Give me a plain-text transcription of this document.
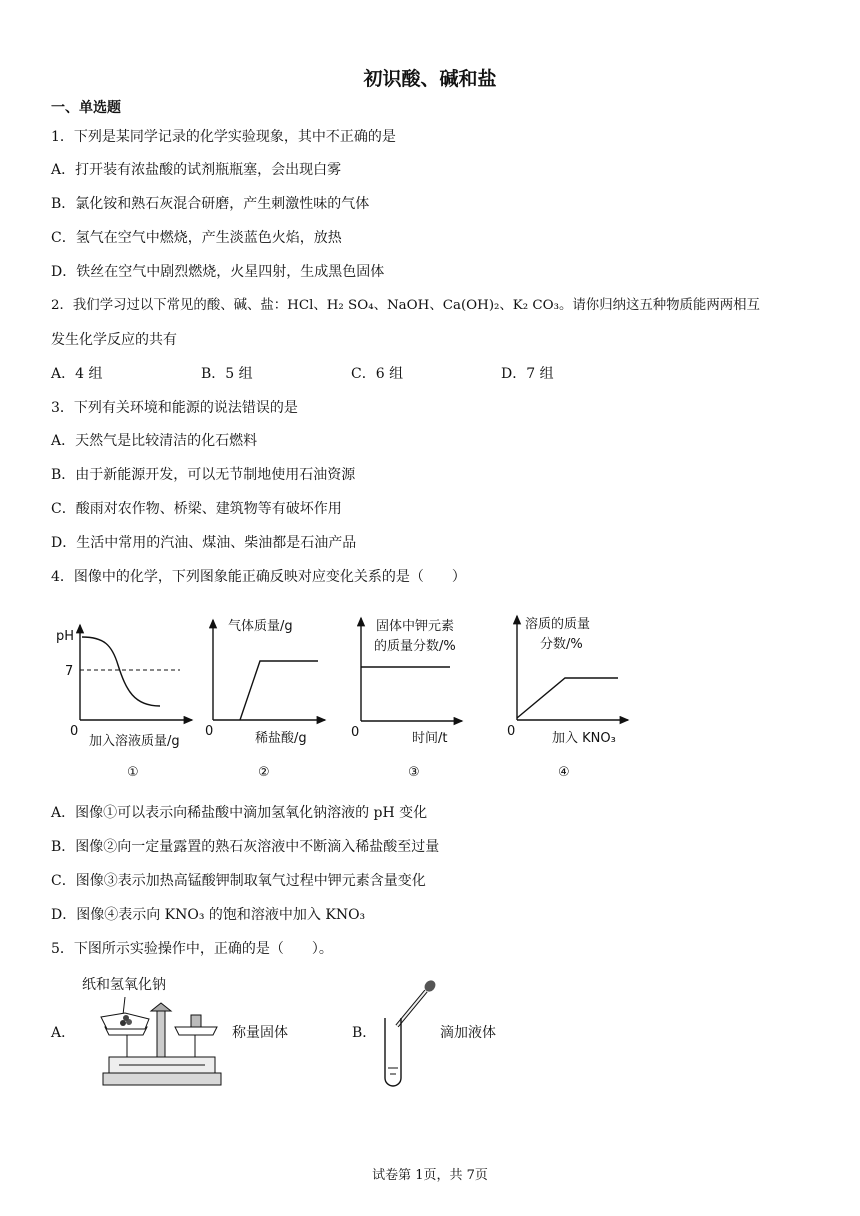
初识酸、碱和盐
一、单选题
1．下列是某同学记录的化学实验现象，其中不正确的是
A．打开装有浓盐酸的试剂瓶瓶塞，会出现白雾
B．氯化铵和熟石灰混合研磨，产生刺激性味的气体
C．氢气在空气中燃烧，产生淡蓝色火焰，放热
D．铁丝在空气中剧烈燃烧，火星四射，生成黑色固体
2．我们学习过以下常见的酸、碱、盐：HCl、H₂ SO₄、NaOH、Ca(OH)₂、K₂ CO₃。请你归纳这五种物质能两两相互
发生化学反应的共有
A．4 组	B．5 组	C．6 组	D．7 组
3．下列有关环境和能源的说法错误的是
A．天然气是比较清洁的化石燃料
B．由于新能源开发，可以无节制地使用石油资源
C．酸雨对农作物、桥梁、建筑物等有破坏作用
D．生活中常用的汽油、煤油、柴油都是石油产品
4．图像中的化学，下列图象能正确反映对应变化关系的是（　　）
pH
7
0
加入溶液质量/g
①
气体质量/g
0	稀盐酸/g
②
固体中钾元素
的质量分数/%
0	时间/t
③
溶质的质量
分数/%
0	加入 KNO₃
④
A．图像①可以表示向稀盐酸中滴加氢氧化钠溶液的 pH 变化
B．图像②向一定量露置的熟石灰溶液中不断滴入稀盐酸至过量
C．图像③表示加热高锰酸钾制取氧气过程中钾元素含量变化
D．图像④表示向 KNO₃ 的饱和溶液中加入 KNO₃
5．下图所示实验操作中，正确的是（　　）。
A．
纸和氢氧化钠
称量固体	B．	滴加液体
试卷第 1页，共 7页
